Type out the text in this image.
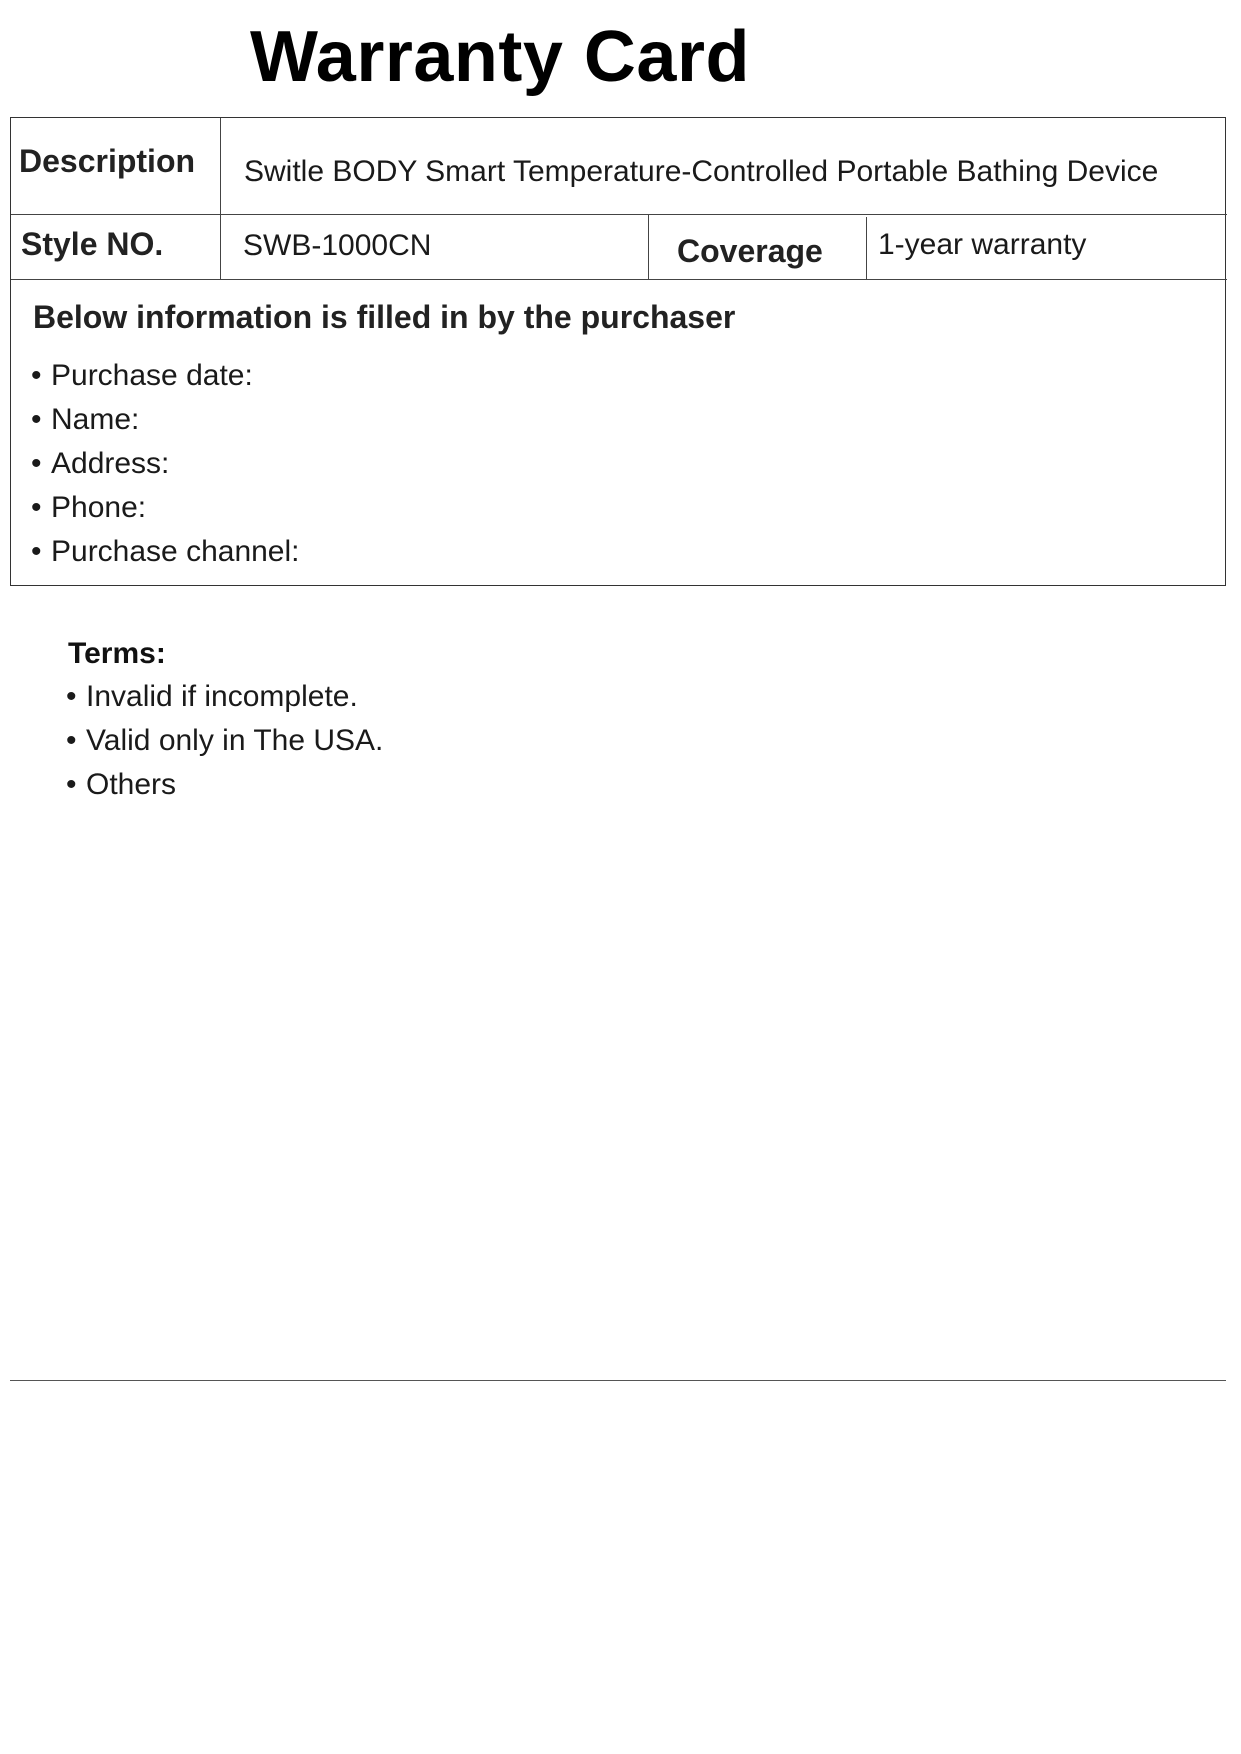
Warranty Card
Description Switle BODY Smart Temperature-Controlled Portable Bathing Device
Style NO.	SWB-1000CN	Coverage 1-year warranty
Below information is filled in by the purchaser
• Purchase date:
• Name:
• Address:
• Phone:
• Purchase channel:
Terms:
• Invalid if incomplete.
• Valid only in The USA.
• Others
